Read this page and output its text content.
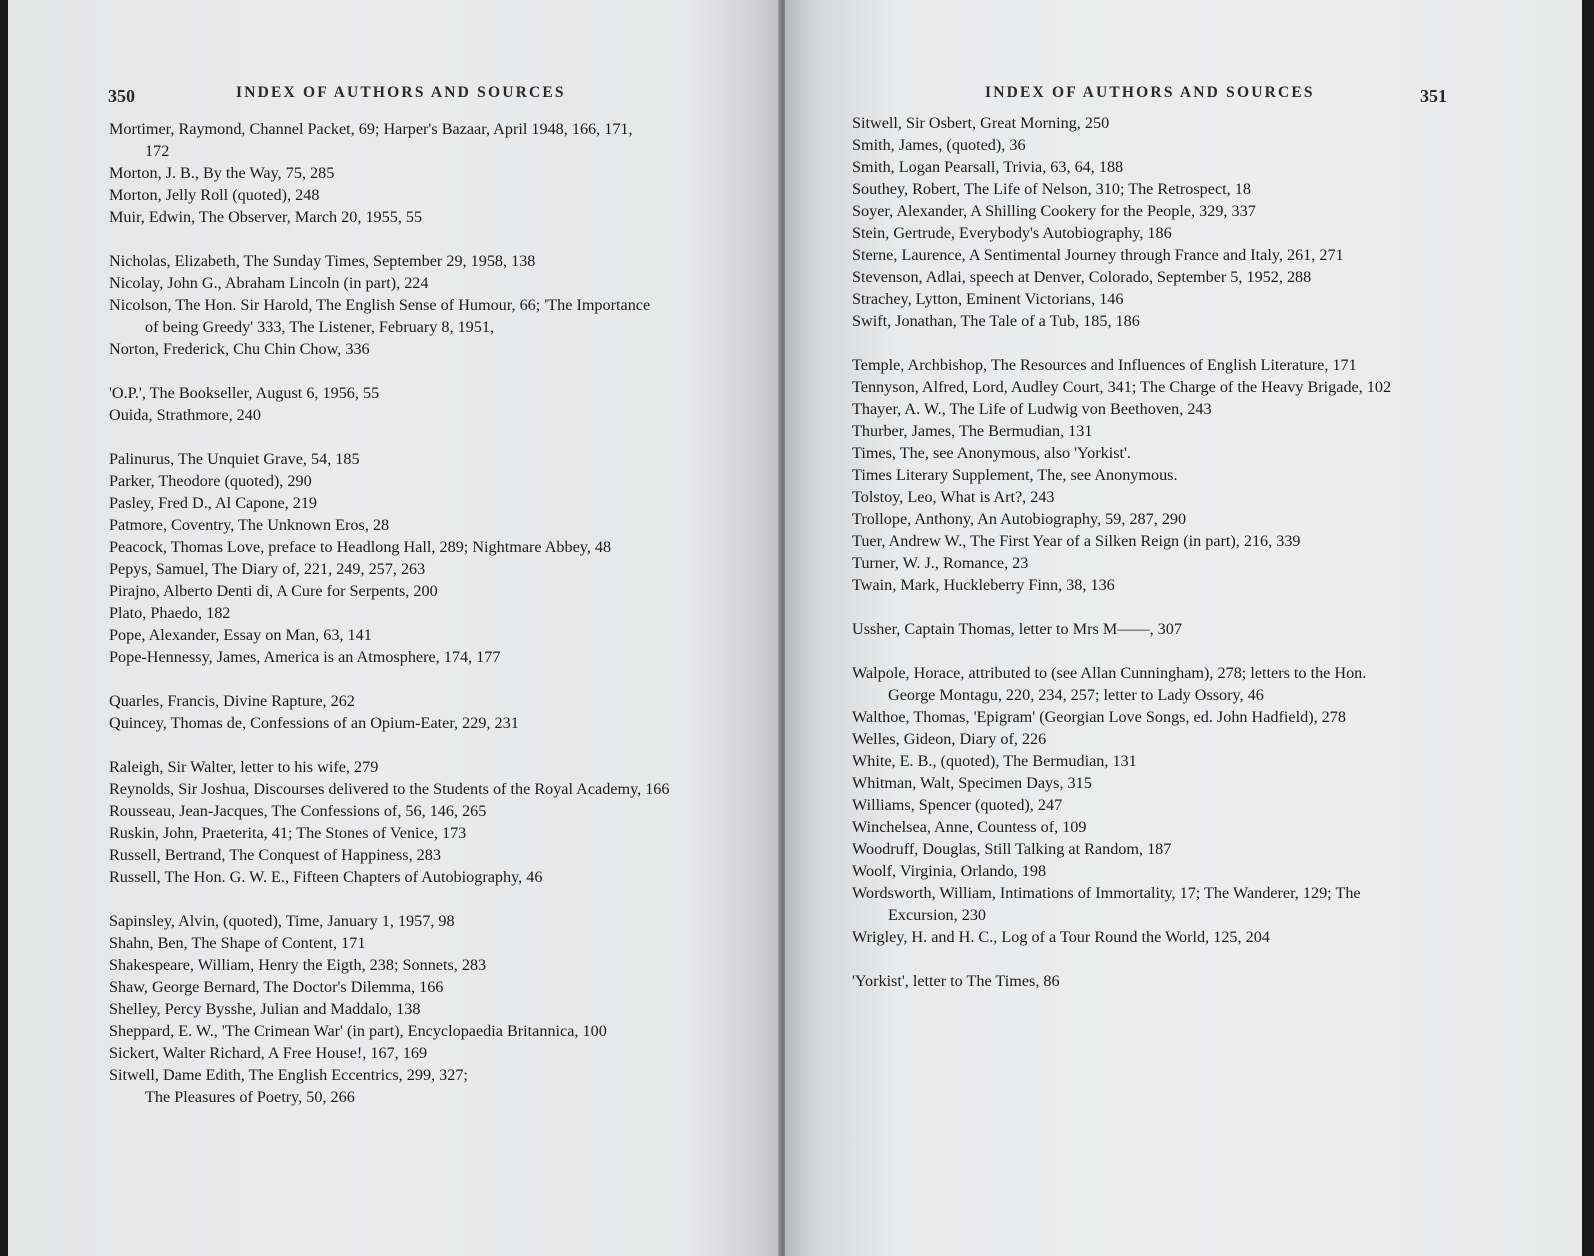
350	INDEX OF AUTHORS AND SOURCES
Mortimer, Raymond, Channel Packet, 69; Harper's Bazaar, April 1948, 166, 171,
172
Morton, J. B., By the Way, 75, 285
Morton, Jelly Roll (quoted), 248
Muir, Edwin, The Observer, March 20, 1955, 55
Nicholas, Elizabeth, The Sunday Times, September 29, 1958, 138
Nicolay, John G., Abraham Lincoln (in part), 224
Nicolson, The Hon. Sir Harold, The English Sense of Humour, 66; 'The Importance
of being Greedy' 333, The Listener, February 8, 1951,
Norton, Frederick, Chu Chin Chow, 336
'O.P.', The Bookseller, August 6, 1956, 55
Ouida, Strathmore, 240
Palinurus, The Unquiet Grave, 54, 185
Parker, Theodore (quoted), 290
Pasley, Fred D., Al Capone, 219
Patmore, Coventry, The Unknown Eros, 28
Peacock, Thomas Love, preface to Headlong Hall, 289; Nightmare Abbey, 48
Pepys, Samuel, The Diary of, 221, 249, 257, 263
Pirajno, Alberto Denti di, A Cure for Serpents, 200
Plato, Phaedo, 182
Pope, Alexander, Essay on Man, 63, 141
Pope-Hennessy, James, America is an Atmosphere, 174, 177
Quarles, Francis, Divine Rapture, 262
Quincey, Thomas de, Confessions of an Opium-Eater, 229, 231
Raleigh, Sir Walter, letter to his wife, 279
Reynolds, Sir Joshua, Discourses delivered to the Students of the Royal Academy, 166
Rousseau, Jean-Jacques, The Confessions of, 56, 146, 265
Ruskin, John, Praeterita, 41; The Stones of Venice, 173
Russell, Bertrand, The Conquest of Happiness, 283
Russell, The Hon. G. W. E., Fifteen Chapters of Autobiography, 46
Sapinsley, Alvin, (quoted), Time, January 1, 1957, 98
Shahn, Ben, The Shape of Content, 171
Shakespeare, William, Henry the Eigth, 238; Sonnets, 283
Shaw, George Bernard, The Doctor's Dilemma, 166
Shelley, Percy Bysshe, Julian and Maddalo, 138
Sheppard, E. W., 'The Crimean War' (in part), Encyclopaedia Britannica, 100
Sickert, Walter Richard, A Free House!, 167, 169
Sitwell, Dame Edith, The English Eccentrics, 299, 327;
The Pleasures of Poetry, 50, 266
INDEX OF AUTHORS AND SOURCES	351
Sitwell, Sir Osbert, Great Morning, 250
Smith, James, (quoted), 36
Smith, Logan Pearsall, Trivia, 63, 64, 188
Southey, Robert, The Life of Nelson, 310; The Retrospect, 18
Soyer, Alexander, A Shilling Cookery for the People, 329, 337
Stein, Gertrude, Everybody's Autobiography, 186
Sterne, Laurence, A Sentimental Journey through France and Italy, 261, 271
Stevenson, Adlai, speech at Denver, Colorado, September 5, 1952, 288
Strachey, Lytton, Eminent Victorians, 146
Swift, Jonathan, The Tale of a Tub, 185, 186
Temple, Archbishop, The Resources and Influences of English Literature, 171
Tennyson, Alfred, Lord, Audley Court, 341; The Charge of the Heavy Brigade, 102
Thayer, A. W., The Life of Ludwig von Beethoven, 243
Thurber, James, The Bermudian, 131
Times, The, see Anonymous, also 'Yorkist'.
Times Literary Supplement, The, see Anonymous.
Tolstoy, Leo, What is Art?, 243
Trollope, Anthony, An Autobiography, 59, 287, 290
Tuer, Andrew W., The First Year of a Silken Reign (in part), 216, 339
Turner, W. J., Romance, 23
Twain, Mark, Huckleberry Finn, 38, 136
Ussher, Captain Thomas, letter to Mrs M——, 307
Walpole, Horace, attributed to (see Allan Cunningham), 278; letters to the Hon.
George Montagu, 220, 234, 257; letter to Lady Ossory, 46
Walthoe, Thomas, 'Epigram' (Georgian Love Songs, ed. John Hadfield), 278
Welles, Gideon, Diary of, 226
White, E. B., (quoted), The Bermudian, 131
Whitman, Walt, Specimen Days, 315
Williams, Spencer (quoted), 247
Winchelsea, Anne, Countess of, 109
Woodruff, Douglas, Still Talking at Random, 187
Woolf, Virginia, Orlando, 198
Wordsworth, William, Intimations of Immortality, 17; The Wanderer, 129; The
Excursion, 230
Wrigley, H. and H. C., Log of a Tour Round the World, 125, 204
'Yorkist', letter to The Times, 86
